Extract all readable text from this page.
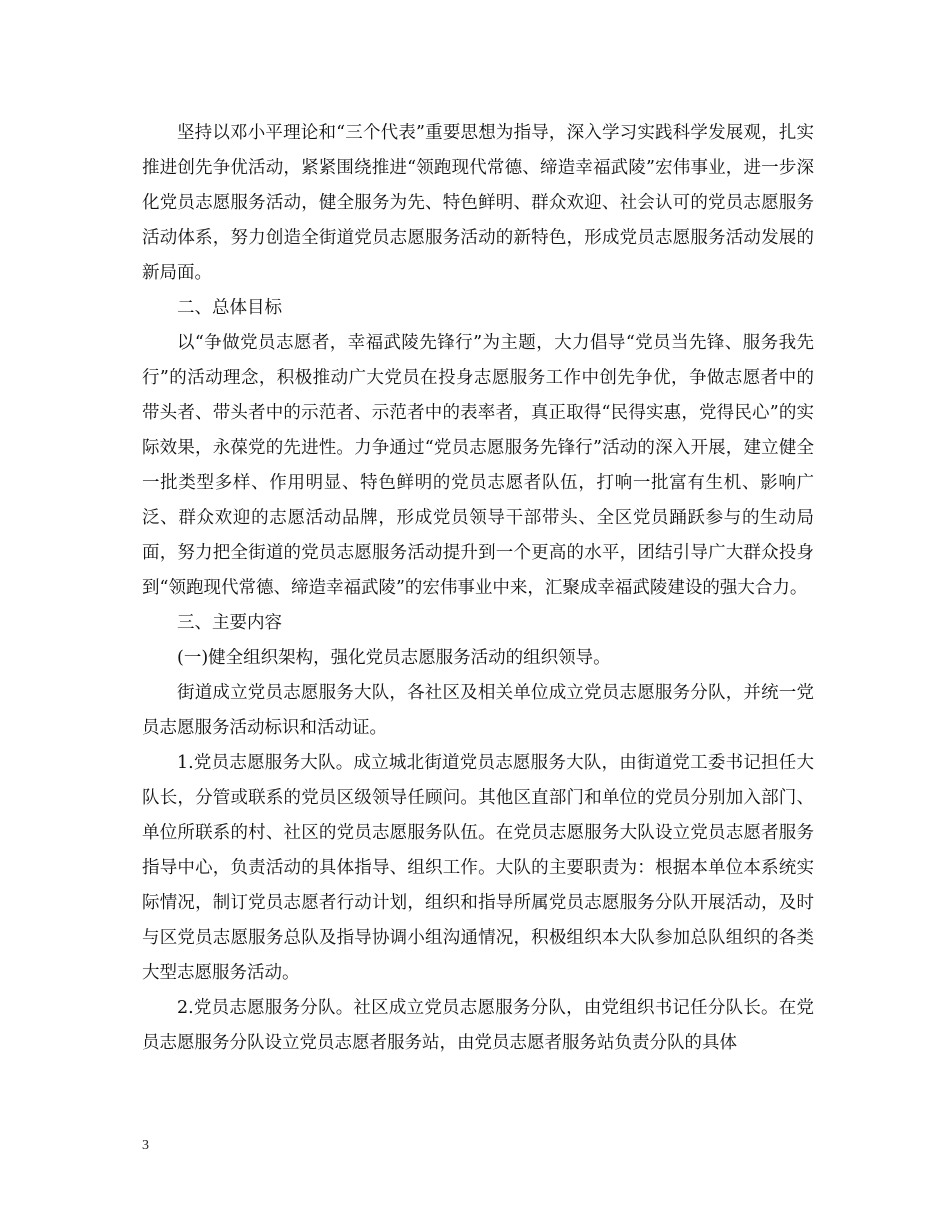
坚持以邓小平理论和“三个代表”重要思想为指导，深入学习实践科学发展观，扎实推进创先争优活动，紧紧围绕推进“领跑现代常德、缔造幸福武陵”宏伟事业，进一步深化党员志愿服务活动，健全服务为先、特色鲜明、群众欢迎、社会认可的党员志愿服务活动体系，努力创造全街道党员志愿服务活动的新特色，形成党员志愿服务活动发展的新局面。

二、总体目标

以“争做党员志愿者，幸福武陵先锋行”为主题，大力倡导“党员当先锋、服务我先行”的活动理念，积极推动广大党员在投身志愿服务工作中创先争优，争做志愿者中的带头者、带头者中的示范者、示范者中的表率者，真正取得“民得实惠，党得民心”的实际效果，永葆党的先进性。力争通过“党员志愿服务先锋行”活动的深入开展，建立健全一批类型多样、作用明显、特色鲜明的党员志愿者队伍，打响一批富有生机、影响广泛、群众欢迎的志愿活动品牌，形成党员领导干部带头、全区党员踊跃参与的生动局面，努力把全街道的党员志愿服务活动提升到一个更高的水平，团结引导广大群众投身到“领跑现代常德、缔造幸福武陵”的宏伟事业中来，汇聚成幸福武陵建设的强大合力。

三、主要内容

(一)健全组织架构，强化党员志愿服务活动的组织领导。

街道成立党员志愿服务大队，各社区及相关单位成立党员志愿服务分队，并统一党员志愿服务活动标识和活动证。

1.党员志愿服务大队。成立城北街道党员志愿服务大队，由街道党工委书记担任大队长，分管或联系的党员区级领导任顾问。其他区直部门和单位的党员分别加入部门、单位所联系的村、社区的党员志愿服务队伍。在党员志愿服务大队设立党员志愿者服务指导中心，负责活动的具体指导、组织工作。大队的主要职责为：根据本单位本系统实际情况，制订党员志愿者行动计划，组织和指导所属党员志愿服务分队开展活动，及时与区党员志愿服务总队及指导协调小组沟通情况，积极组织本大队参加总队组织的各类大型志愿服务活动。

2.党员志愿服务分队。社区成立党员志愿服务分队，由党组织书记任分队长。在党员志愿服务分队设立党员志愿者服务站，由党员志愿者服务站负责分队的具体

3
